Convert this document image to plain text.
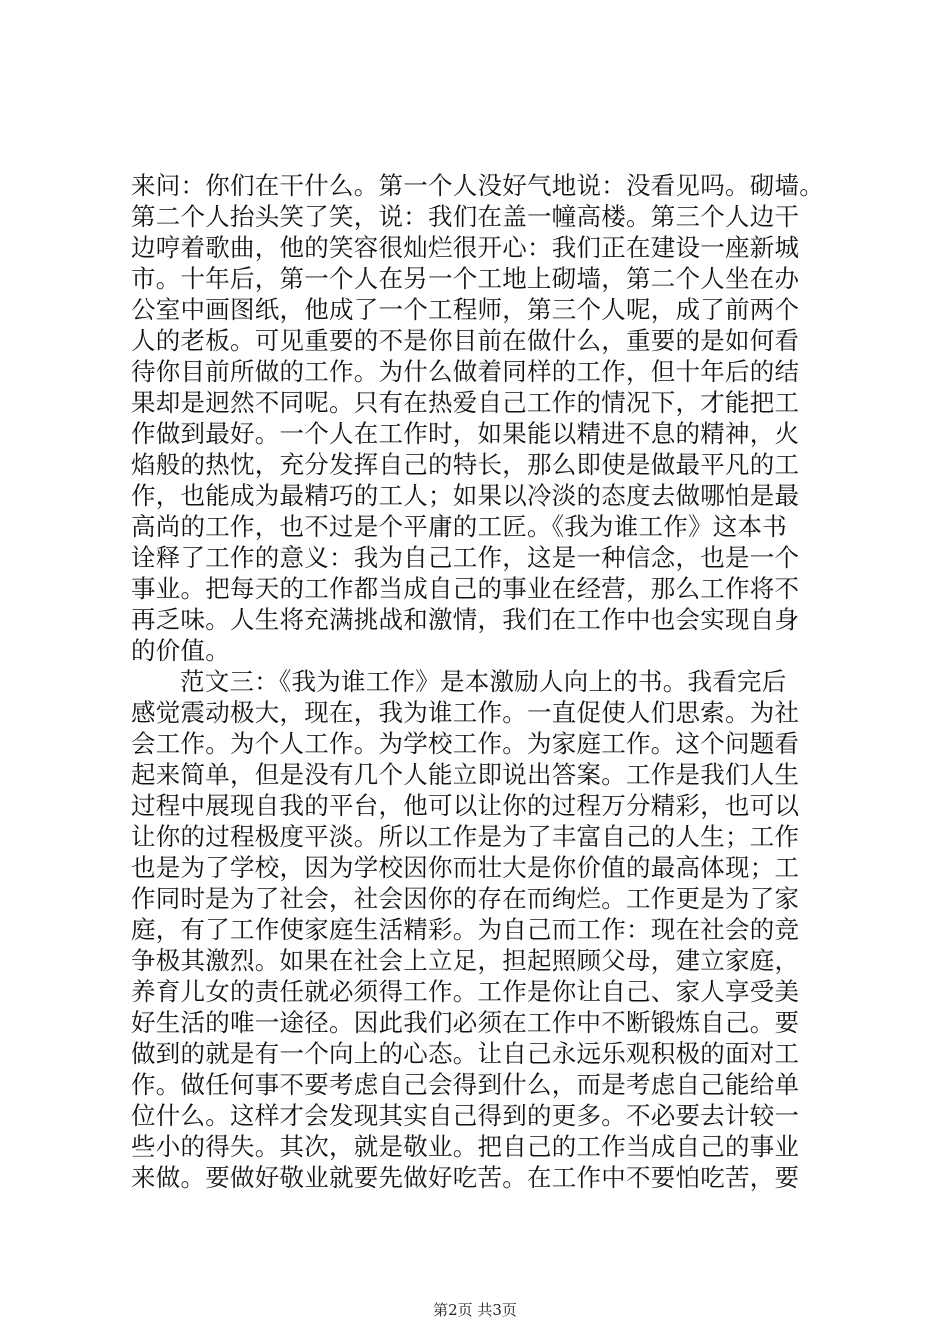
来问：你们在干什么。第一个人没好气地说：没看见吗。砌墙。
第二个人抬头笑了笑，说：我们在盖一幢高楼。第三个人边干
边哼着歌曲，他的笑容很灿烂很开心：我们正在建设一座新城
市。十年后，第一个人在另一个工地上砌墙，第二个人坐在办
公室中画图纸，他成了一个工程师，第三个人呢，成了前两个
人的老板。可见重要的不是你目前在做什么，重要的是如何看
待你目前所做的工作。为什么做着同样的工作，但十年后的结
果却是迥然不同呢。只有在热爱自己工作的情况下，才能把工
作做到最好。一个人在工作时，如果能以精进不息的精神，火
焰般的热忱，充分发挥自己的特长，那么即使是做最平凡的工
作，也能成为最精巧的工人；如果以冷淡的态度去做哪怕是最
高尚的工作，也不过是个平庸的工匠。《我为谁工作》这本书
诠释了工作的意义：我为自己工作，这是一种信念，也是一个
事业。把每天的工作都当成自己的事业在经营，那么工作将不
再乏味。人生将充满挑战和激情，我们在工作中也会实现自身
的价值。
范文三：《我为谁工作》是本激励人向上的书。我看完后
感觉震动极大，现在，我为谁工作。一直促使人们思索。为社
会工作。为个人工作。为学校工作。为家庭工作。这个问题看
起来简单，但是没有几个人能立即说出答案。工作是我们人生
过程中展现自我的平台，他可以让你的过程万分精彩，也可以
让你的过程极度平淡。所以工作是为了丰富自己的人生；工作
也是为了学校，因为学校因你而壮大是你价值的最高体现；工
作同时是为了社会，社会因你的存在而绚烂。工作更是为了家
庭，有了工作使家庭生活精彩。为自己而工作：现在社会的竞
争极其激烈。如果在社会上立足，担起照顾父母，建立家庭，
养育儿女的责任就必须得工作。工作是你让自己、家人享受美
好生活的唯一途径。因此我们必须在工作中不断锻炼自己。要
做到的就是有一个向上的心态。让自己永远乐观积极的面对工
作。做任何事不要考虑自己会得到什么，而是考虑自己能给单
位什么。这样才会发现其实自己得到的更多。不必要去计较一
些小的得失。其次，就是敬业。把自己的工作当成自己的事业
来做。要做好敬业就要先做好吃苦。在工作中不要怕吃苦，要
第2页 共3页
